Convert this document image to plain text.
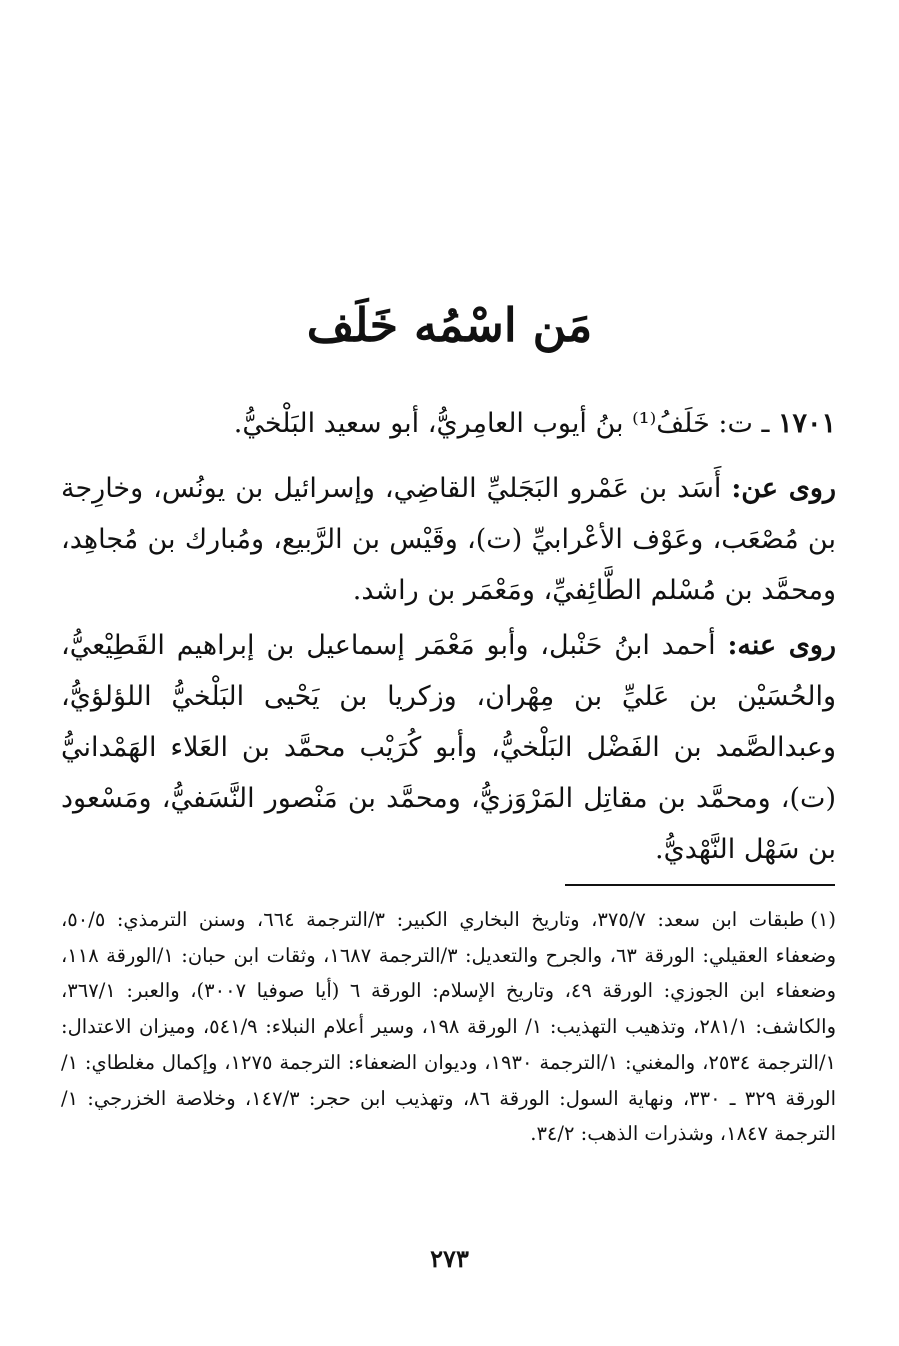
مَن اسْمُه خَلَف

١٧٠١ ـ ت: خَلَفُ⁽¹⁾ بنُ أيوب العامِريُّ، أبو سعيد البَلْخيُّ.

روى عن: أَسَد بن عَمْرو البَجَليِّ القاضِي، وإسرائيل بن يونُس، وخارِجة بن مُصْعَب، وعَوْف الأعْرابيِّ (ت)، وقَيْس بن الرَّبيع، ومُبارك بن مُجاهِد، ومحمَّد بن مُسْلم الطَّائِفيِّ، ومَعْمَر بن راشد.

روى عنه: أحمد ابنُ حَنْبل، وأبو مَعْمَر إسماعيل بن إبراهيم القَطِيْعيُّ، والحُسَيْن بن عَليِّ بن مِهْران، وزكريا بن يَحْيى البَلْخيُّ اللؤلؤيُّ، وعبدالصَّمد بن الفَضْل البَلْخيُّ، وأبو كُرَيْب محمَّد بن العَلاء الهَمْدانيُّ (ت)، ومحمَّد بن مقاتِل المَرْوَزيُّ، ومحمَّد بن مَنْصور النَّسَفيُّ، ومَسْعود بن سَهْل النَّهْديُّ.

(١)طبقات ابن سعد: ٣٧٥/٧، وتاريخ البخاري الكبير: ٣/الترجمة ٦٦٤، وسنن الترمذي: ٥٠/٥، وضعفاء العقيلي: الورقة ٦٣، والجرح والتعديل: ٣/الترجمة ١٦٨٧، وثقات ابن حبان: ١/الورقة ١١٨، وضعفاء ابن الجوزي: الورقة ٤٩، وتاريخ الإسلام: الورقة ٦ (أيا صوفيا ٣٠٠٧)، والعبر: ٣٦٧/١، والكاشف: ٢٨١/١، وتذهيب التهذيب: ١/ الورقة ١٩٨، وسير أعلام النبلاء: ٥٤١/٩، وميزان الاعتدال: ١/الترجمة ٢٥٣٤، والمغني: ١/الترجمة ١٩٣٠، وديوان الضعفاء: الترجمة ١٢٧٥، وإكمال مغلطاي: ١/الورقة ٣٢٩ ـ ٣٣٠، ونهاية السول: الورقة ٨٦، وتهذيب ابن حجر: ١٤٧/٣، وخلاصة الخزرجي: ١/الترجمة ١٨٤٧، وشذرات الذهب: ٣٤/٢.

٢٧٣
